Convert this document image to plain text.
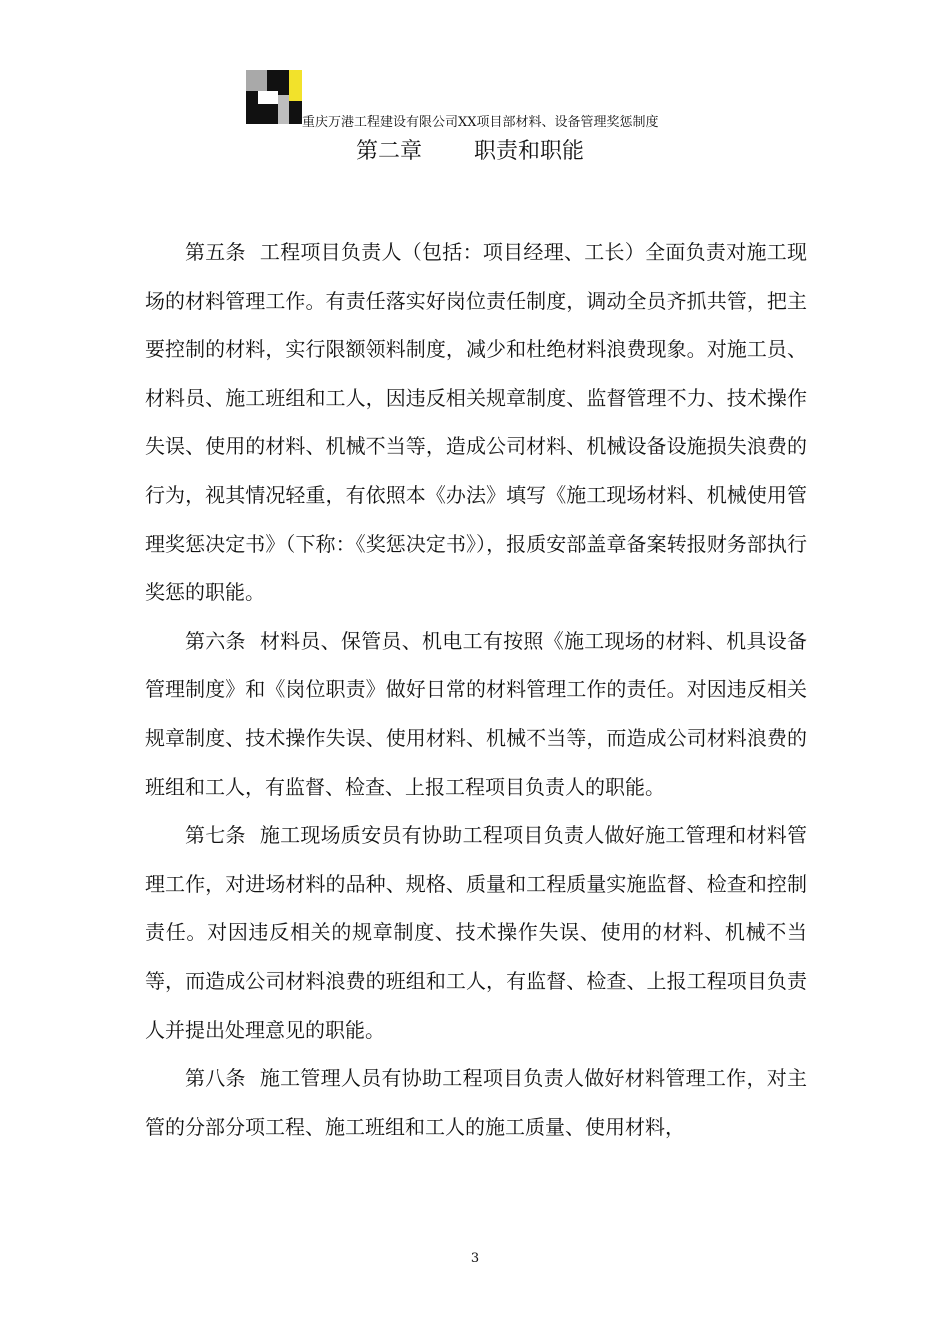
重庆万港工程建设有限公司XX项目部材料、设备管理奖惩制度
第二章 职责和职能

第五条 工程项目负责人（包括：项目经理、工长）全面负责对施工现场的材料管理工作。有责任落实好岗位责任制度，调动全员齐抓共管，把主要控制的材料，实行限额领料制度，减少和杜绝材料浪费现象。对施工员、材料员、施工班组和工人，因违反相关规章制度、监督管理不力、技术操作失误、使用的材料、机械不当等，造成公司材料、机械设备设施损失浪费的行为，视其情况轻重，有依照本《办法》填写《施工现场材料、机械使用管理奖惩决定书》（下称：《奖惩决定书》），报质安部盖章备案转报财务部执行奖惩的职能。

第六条 材料员、保管员、机电工有按照《施工现场的材料、机具设备管理制度》和《岗位职责》做好日常的材料管理工作的责任。对因违反相关规章制度、技术操作失误、使用材料、机械不当等，而造成公司材料浪费的班组和工人，有监督、检查、上报工程项目负责人的职能。

第七条 施工现场质安员有协助工程项目负责人做好施工管理和材料管理工作，对进场材料的品种、规格、质量和工程质量实施监督、检查和控制责任。对因违反相关的规章制度、技术操作失误、使用的材料、机械不当等，而造成公司材料浪费的班组和工人，有监督、检查、上报工程项目负责人并提出处理意见的职能。

第八条 施工管理人员有协助工程项目负责人做好材料管理工作，对主管的分部分项工程、施工班组和工人的施工质量、使用材料，

3
